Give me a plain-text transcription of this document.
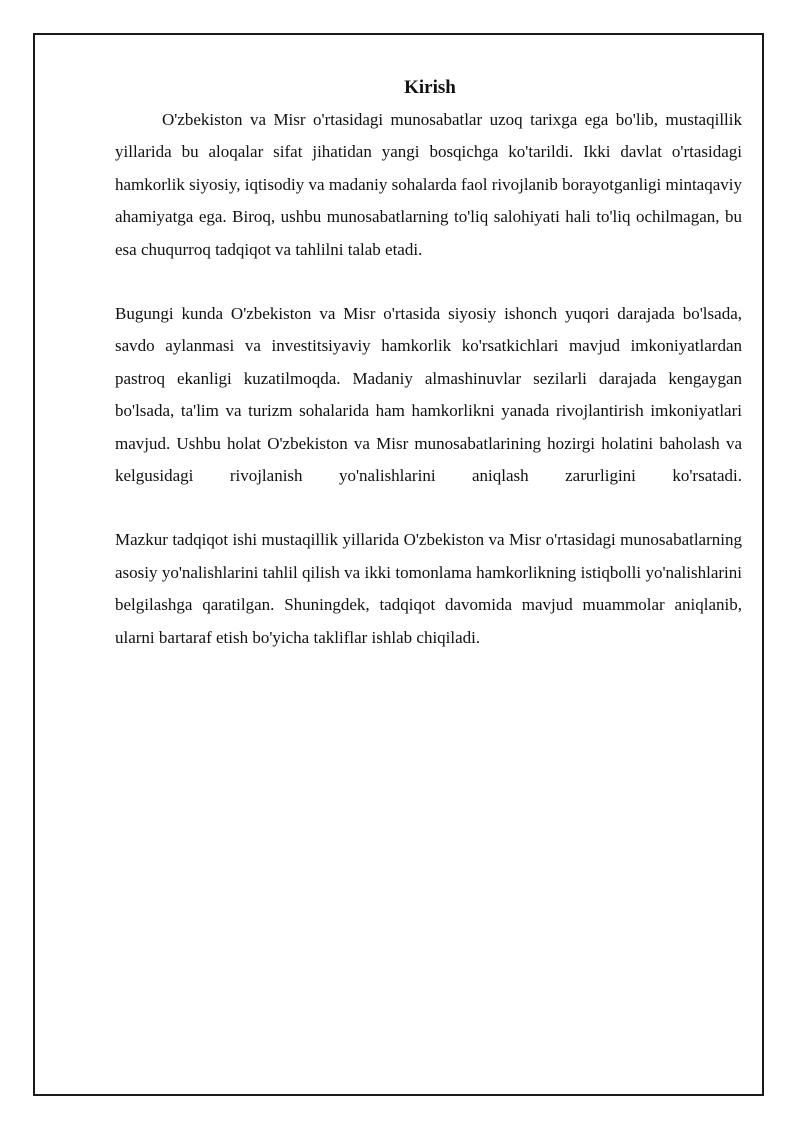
Kirish

O'zbekiston va Misr o'rtasidagi munosabatlar uzoq tarixga ega bo'lib, mustaqillik yillarida bu aloqalar sifat jihatidan yangi bosqichga ko'tarildi. Ikki davlat o'rtasidagi hamkorlik siyosiy, iqtisodiy va madaniy sohalarda faol rivojlanib borayotganligi mintaqaviy ahamiyatga ega. Biroq, ushbu munosabatlarning to'liq salohiyati hali to'liq ochilmagan, bu esa chuqurroq tadqiqot va tahlilni talab etadi.

Bugungi kunda O'zbekiston va Misr o'rtasida siyosiy ishonch yuqori darajada bo'lsada, savdo aylanmasi va investitsiyaviy hamkorlik ko'rsatkichlari mavjud imkoniyatlardan pastroq ekanligi kuzatilmoqda. Madaniy almashinuvlar sezilarli darajada kengaygan bo'lsada, ta'lim va turizm sohalarida ham hamkorlikni yanada rivojlantirish imkoniyatlari mavjud. Ushbu holat O'zbekiston va Misr munosabatlarining hozirgi holatini baholash va kelgusidagi rivojlanish yo'nalishlarini aniqlash zarurligini ko'rsatadi.

Mazkur tadqiqot ishi mustaqillik yillarida O'zbekiston va Misr o'rtasidagi munosabatlarning asosiy yo'nalishlarini tahlil qilish va ikki tomonlama hamkorlikning istiqbolli yo'nalishlarini belgilashga qaratilgan. Shuningdek, tadqiqot davomida mavjud muammolar aniqlanib, ularni bartaraf etish bo'yicha takliflar ishlab chiqiladi.
